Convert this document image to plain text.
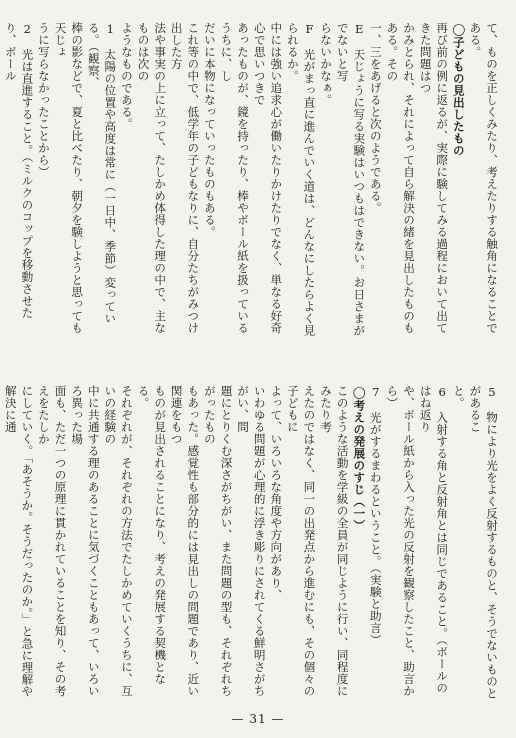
て、ものを正しくみたり、考えたりする触角になることである。

◯子どもの見出したもの

再び前の例に返るが、実際に験してみる過程において出てきた問題はつ

かみとられ、それによって自ら解決の緒を見出したものもある。その

一、三をあげると次のようである。

E　天じょうに写る実験はいつもはできない。お日さまがでないと写

らないかなぁ。

F　光がまっ直に進んでいく道は、どんなにしたらよく見られるか。

中には強い追求心が働いたりかけたりでなく、単なる好奇心で思いつきで

あったものが、鏡を持ったり、棒やボール紙を扱っているうちに、し

だいに本物になっていったものもある。

これ等の中で、低学年の子どもなりに、自分たちがみつけ出した方

法や事実の上に立って、たしかめ体得した理の中で、主なものは次の

ようなものである。

1　太陽の位置や高度は常に（一日中、季節）変っている。（観察、

棒の影などで、夏と比べたり、朝夕を験しようと思っても天じょ

うに写らなかったことから）

2　光は直進すること。（ミルクのコップを移動させたり、ボール

5　物により光をよく反射するものと、そうでないものとがあるこ

と。

6　入射する角と反射角とは同じであること。（ボールのはね返り

や、ボール紙から入った光の反射を観察したこと、助言から）

7　光がするまわるということ。（実験と助言）

◯考えの発展のすじ（一）

このような活動を学級の全員が同じように行い、同程度にみたり考

えたのではなく、同一の出発点から進むにも、その個々の子どもに

よって、いろいろな角度や方向があり、

いわゆる問題が心理的に浮き彫りにされてくる鮮明さがちがい、問

題にとりくむ深さがちがい、また問題の型も、それぞれちがったもの

もあった。感覚性も部分的には見出しの問題であり、近い関連をもつ

ものが見出されることになり、考えの発展する契機となる。

それぞれが、それぞれの方法でたしかめていくうちに、互いの経験の

中に共通する理のあることに気づくこともあって、いろいろ異った場

面も、ただ一つの原理に貫かれていることを知り、その考えをたしか

にしていく。「あそうか。そうだったのか。」と急に理解や解決に通

— 31 —
